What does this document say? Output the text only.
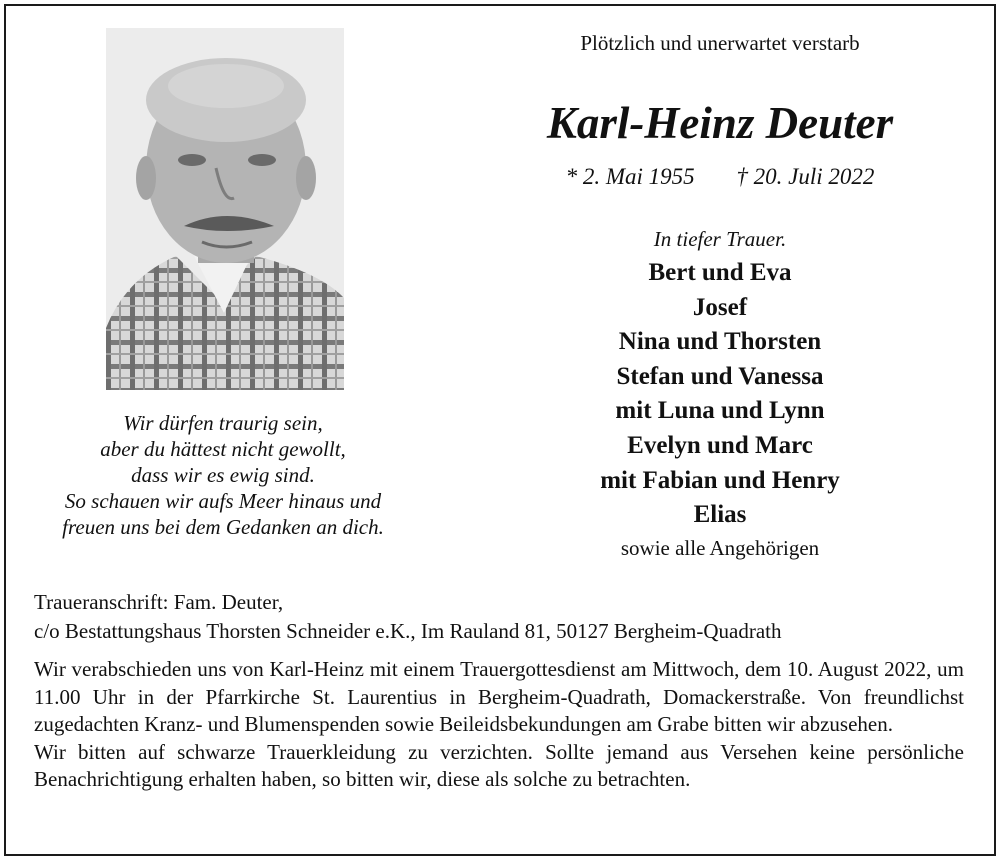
Wir dürfen traurig sein,
aber du hättest nicht gewollt,
dass wir es ewig sind.
So schauen wir aufs Meer hinaus und
freuen uns bei dem Gedanken an dich.
Plötzlich und unerwartet verstarb
Karl-Heinz Deuter
* 2. Mai 1955 † 20. Juli 2022
In tiefer Trauer.
Bert und Eva
Josef
Nina und Thorsten
Stefan und Vanessa
mit Luna und Lynn
Evelyn und Marc
mit Fabian und Henry
Elias
sowie alle Angehörigen
Traueranschrift: Fam. Deuter,
c/o Bestattungshaus Thorsten Schneider e.K., Im Rauland 81, 50127 Bergheim-Quadrath

Wir verabschieden uns von Karl-Heinz mit einem Trauergottesdienst am Mittwoch, dem 10. August 2022, um 11.00 Uhr in der Pfarrkirche St. Laurentius in Bergheim-Quadrath, Domackerstraße. Von freundlichst zugedachten Kranz- und Blumenspenden sowie Beileidsbekundungen am Grabe bitten wir abzusehen.

Wir bitten auf schwarze Trauerkleidung zu verzichten. Sollte jemand aus Versehen keine persönliche Benachrichtigung erhalten haben, so bitten wir, diese als solche zu betrachten.
